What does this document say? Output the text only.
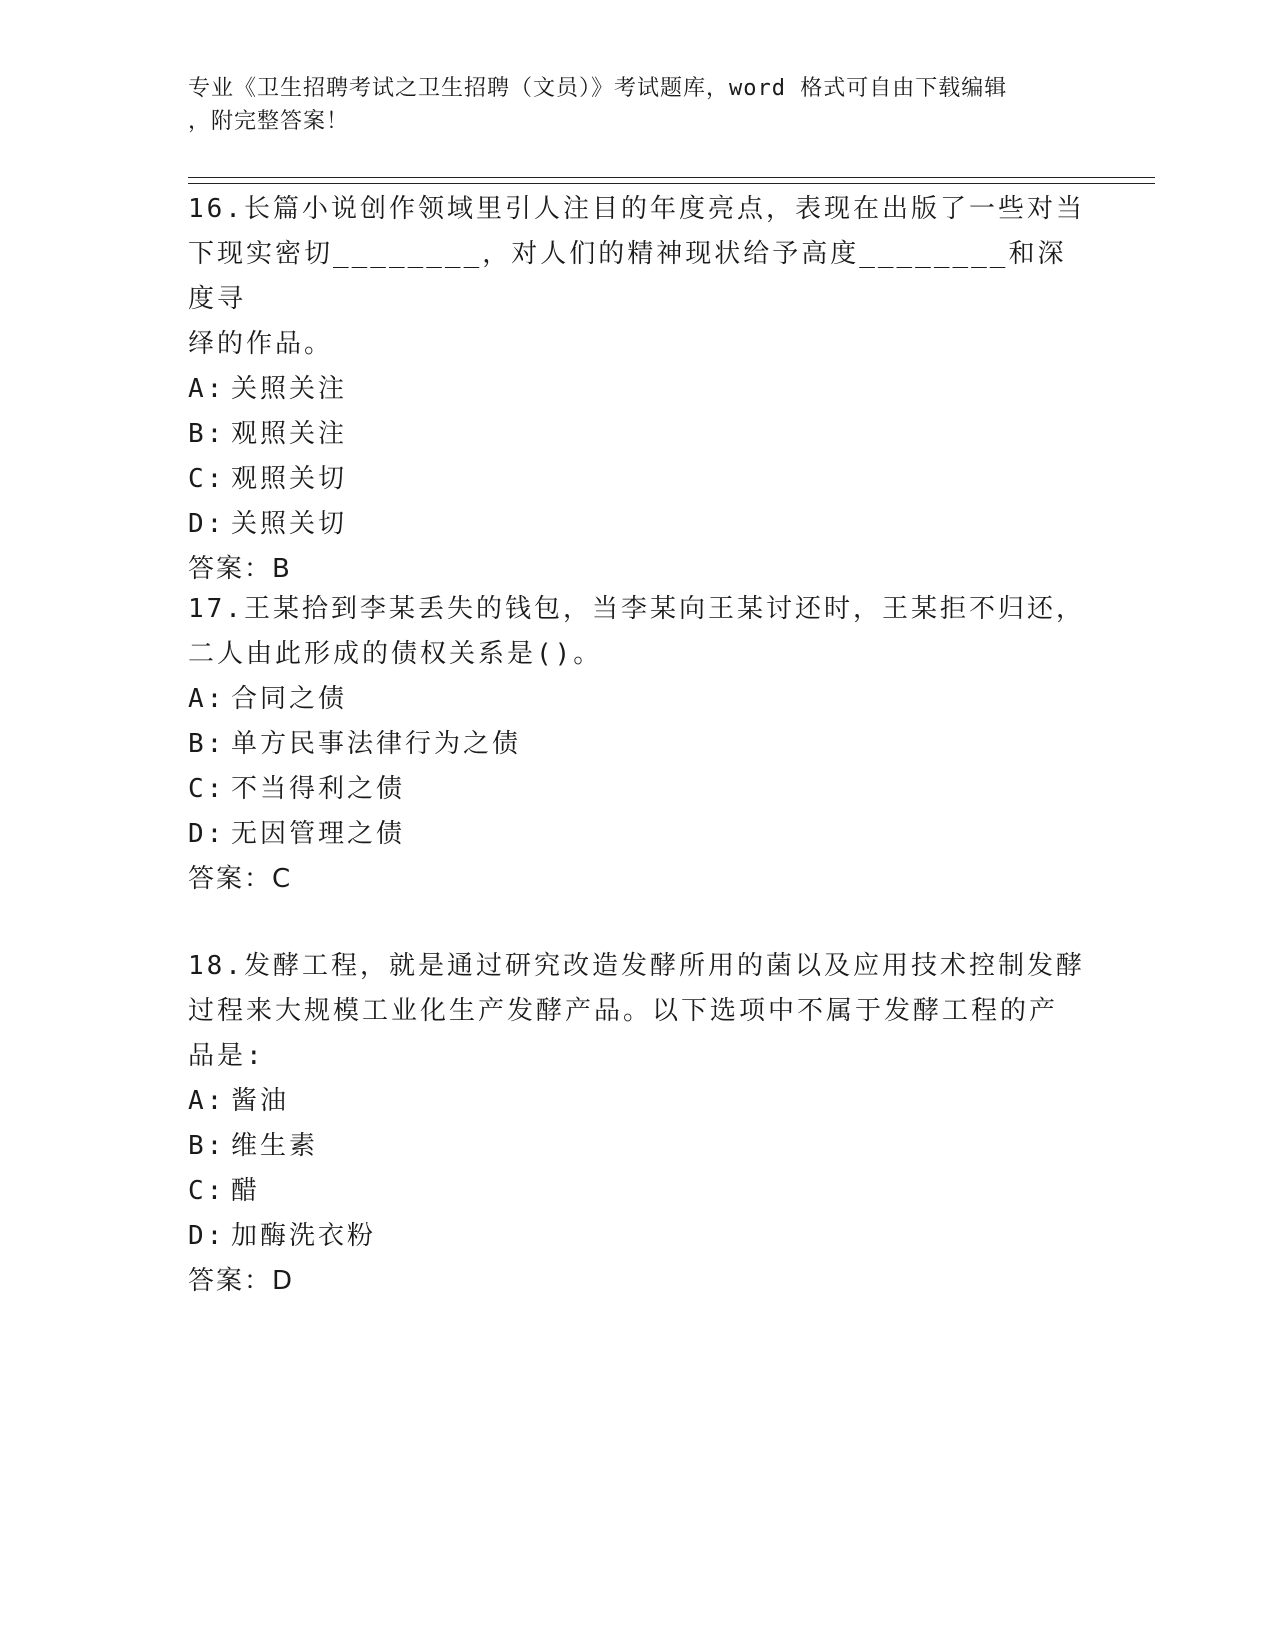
专业《卫生招聘考试之卫生招聘（文员）》考试题库，word 格式可自由下载编辑
，附完整答案！
16.长篇小说创作领域里引人注目的年度亮点，表现在出版了一些对当
下现实密切________，对人们的精神现状给予高度________和深度寻
绎的作品。
A: 关照关注
B: 观照关注
C: 观照关切
D: 关照关切
答案：B
17.王某拾到李某丢失的钱包，当李某向王某讨还时，王某拒不归还，
二人由此形成的债权关系是()。
A: 合同之债
B: 单方民事法律行为之债
C: 不当得利之债
D: 无因管理之债
答案：C
18.发酵工程，就是通过研究改造发酵所用的菌以及应用技术控制发酵
过程来大规模工业化生产发酵产品。以下选项中不属于发酵工程的产
品是:
A: 酱油
B: 维生素
C: 醋
D: 加酶洗衣粉
答案：D
